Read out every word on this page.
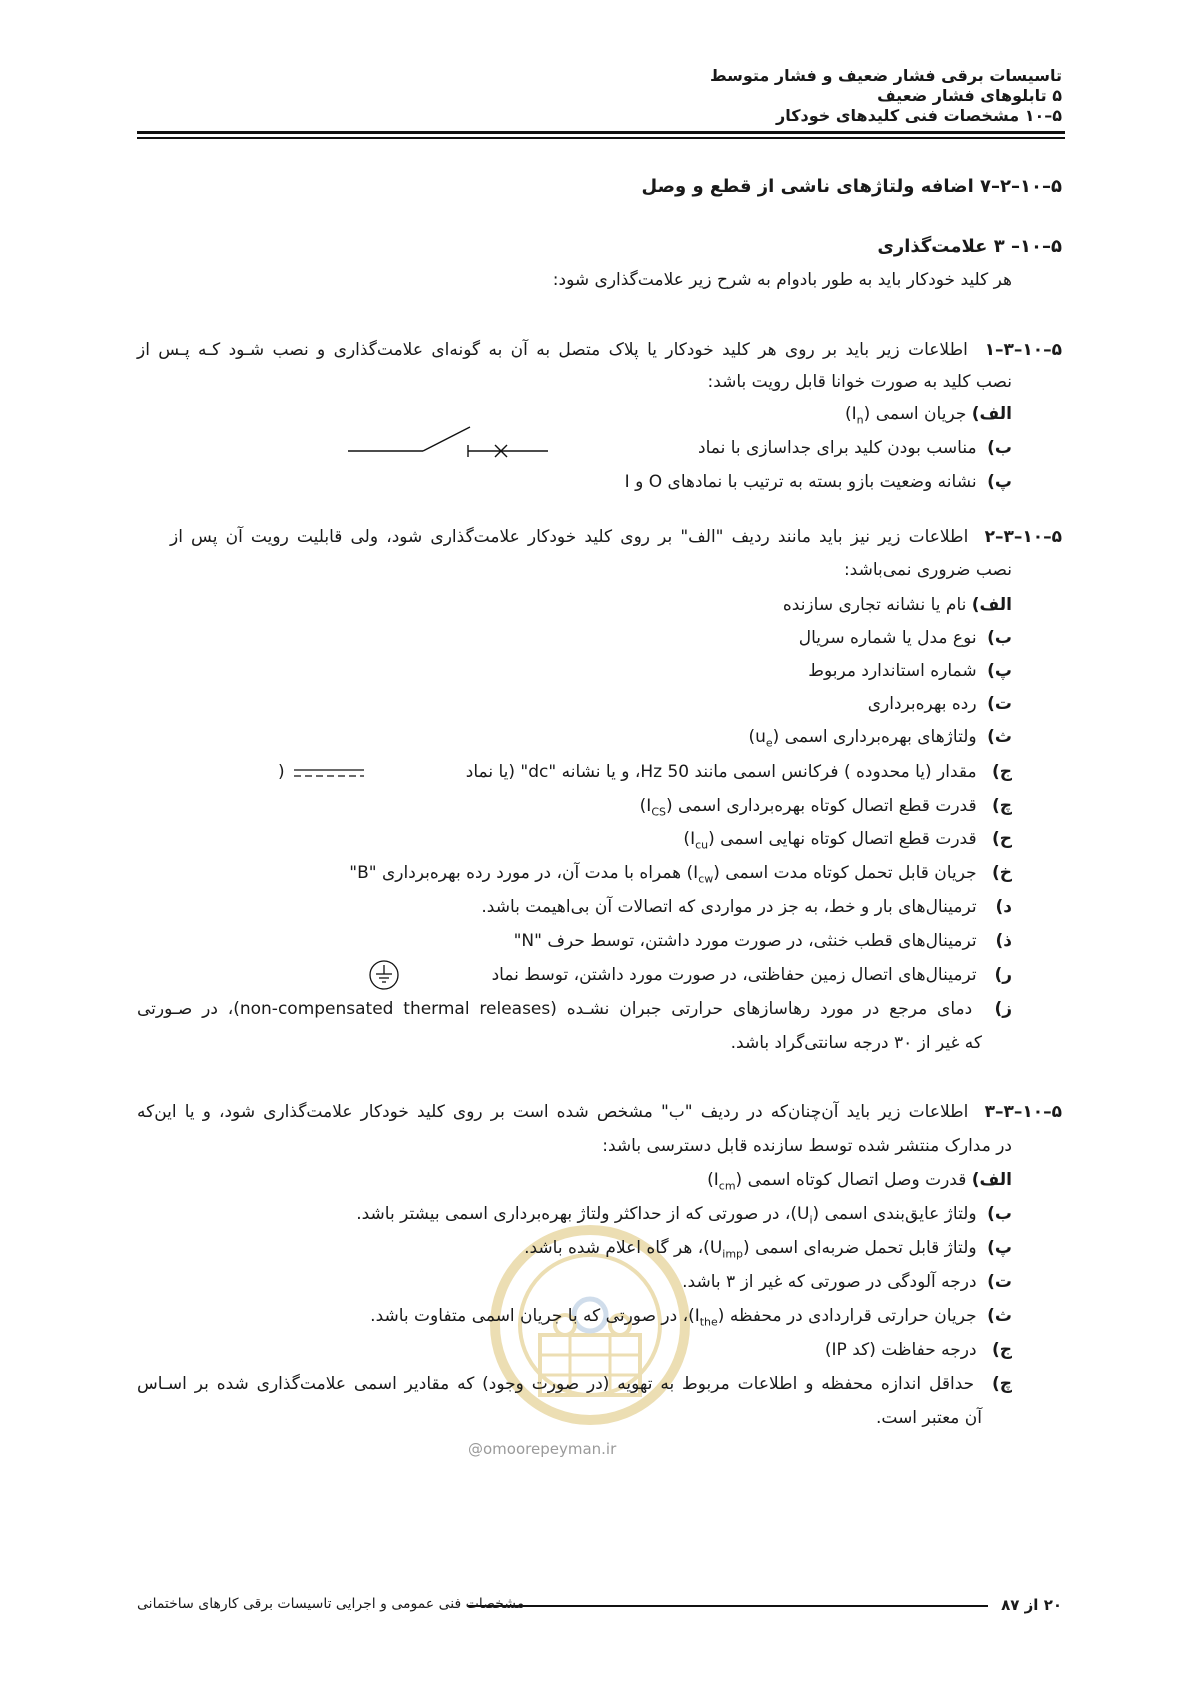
تاسیسات برقی فشار ضعیف و فشار متوسط
۵ تابلوهای فشار ضعیف
۵–۱۰ مشخصات فنی کلیدهای خودکار
۵–۱۰–۲–۷ اضافه ولتاژهای ناشی از قطع و وصل
۵–۱۰– ۳ علامت‌گذاری
هر کلید خودکار باید به طور بادوام به شرح زیر علامت‌گذاری شود:
۵–۱۰–۳–۱  اطلاعات زیر باید بر روی هر کلید خودکار یا پلاک متصل به آن به گونه‌ای علامت‌گذاری و نصب شـود کـه پـس از
نصب کلید به صورت خوانا قابل رویت باشد:
الف) جریان اسمی $(I_n)$
ب) مناسب بودن کلید برای جداسازی با نماد
پ) نشانه وضعیت بازو بسته به ترتیب با نمادهای O و I
۵–۱۰–۳–۲  اطلاعات زیر نیز باید مانند ردیف "الف" بر روی کلید خودکار علامت‌گذاری شود، ولی قابلیت رویت آن پس از
نصب ضروری نمی‌باشد:
الف) نام یا نشانه تجاری سازنده
ب) نوع مدل یا شماره سریال
پ) شماره استاندارد مربوط
ت) رده بهره‌برداری
ث) ولتاژهای بهره‌برداری اسمی $(u_e)$
ج) مقدار (یا محدوده ) فرکانس اسمی مانند 50 Hz، و یا نشانه "dc" (یا نماد
)
چ) قدرت قطع اتصال کوتاه بهره‌برداری اسمی $(I_{CS})$
ح) قدرت قطع اتصال کوتاه نهایی اسمی $(I_{cu})$
خ) جریان قابل تحمل کوتاه مدت اسمی $(I_{cw})$ همراه با مدت آن، در مورد رده بهره‌برداری "B"
د) ترمینال‌های بار و خط، به جز در مواردی که اتصالات آن بی‌اهیمت باشد.
ذ) ترمینال‌های قطب خنثی، در صورت مورد داشتن، توسط حرف "N"
ر) ترمینال‌های اتصال زمین حفاظتی، در صورت مورد داشتن، توسط نماد
ز) دمای مرجع در مورد رهاسازهای حرارتی جبران نشـده (non-compensated thermal releases)، در صـورتی
که غیر از ۳۰ درجه سانتی‌گراد باشد.
@omoorepeyman.ir
۵–۱۰–۳–۳  اطلاعات زیر باید آن‌چنان‌که در ردیف "ب" مشخص شده است بر روی کلید خودکار علامت‌گذاری شود، و یا این‌که
در مدارک منتشر شده توسط سازنده قابل دسترسی باشد:
الف) قدرت وصل اتصال کوتاه اسمی $(I_{cm})$
ب) ولتاژ عایق‌بندی اسمی $(U_i)،$ در صورتی که از حداکثر ولتاژ بهره‌برداری اسمی بیشتر باشد.
پ) ولتاژ قابل تحمل ضربه‌ای اسمی $(U_{imp})،$ هر گاه اعلام شده باشد.
ت) درجه آلودگی در صورتی که غیر از ۳ باشد.
ث) جریان حرارتی قراردادی در محفظه $(I_{the})،$ در صورتی که با جریان اسمی متفاوت باشد.
ج) درجه حفاظت (کد IP)
چ) حداقل اندازه محفظه و اطلاعات مربوط به تهویه (در صورت وجود) که مقادیر اسمی علامت‌گذاری شده بر اسـاس
آن معتبر است.
۲۰ از ۸۷
مشخصات فنی عمومی و اجرایی تاسیسات برقی کارهای ساختمانی
